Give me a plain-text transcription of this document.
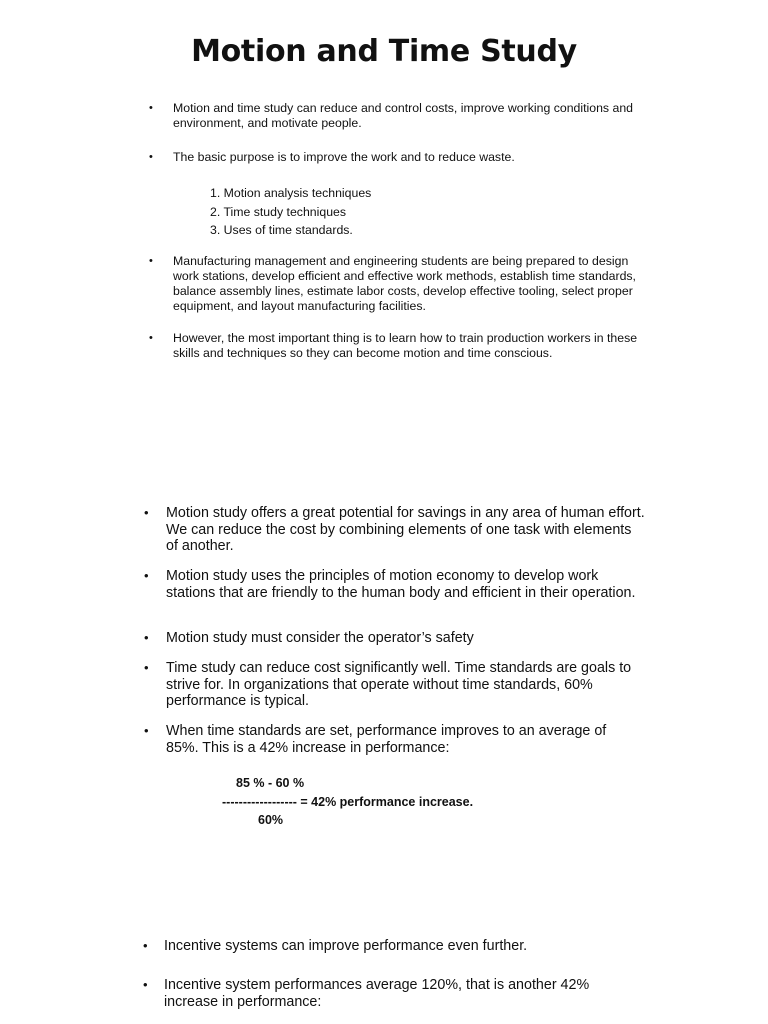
Motion and Time Study
• Motion and time study can reduce and control costs, improve working conditions and environment, and motivate people.
• The basic purpose is to improve the work and to reduce waste.
1. Motion analysis techniques
2. Time study techniques
3. Uses of time standards.
• Manufacturing management and engineering students are being prepared to design work stations, develop efficient and effective work methods, establish time standards, balance assembly lines, estimate labor costs, develop effective tooling, select proper equipment, and layout manufacturing facilities.
• However, the most important thing is to learn how to train production workers in these skills and techniques so they can become motion and time conscious.
• Motion study offers a great potential for savings in any area of human effort. We can reduce the cost by combining elements of one task with elements of another.
• Motion study uses the principles of motion economy to develop work stations that are friendly to the human body and efficient in their operation.
• Motion study must consider the operator’s safety
• Time study can reduce cost significantly well. Time standards are goals to strive for. In organizations that operate without time standards, 60% performance is typical.
• When time standards are set, performance improves to an average of 85%. This is a 42% increase in performance:

85 % - 60 %

------------------ = 42% performance increase.

60%

• Incentive systems can improve performance even further.
• Incentive system performances average 120%, that is another 42% increase in performance:
